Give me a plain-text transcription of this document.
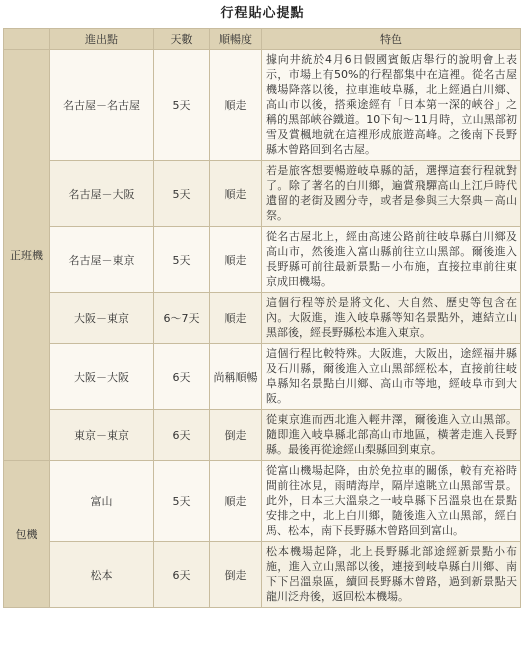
行程貼心提點
	進出點	天數	順暢度	特色
正班機	名古屋－名古屋	5天	順走	據向井統於4月6日假國賓飯店舉行的說明會上表示，市場上有50%的行程都集中在這裡。從名古屋機場降落以後，拉車進岐阜縣，北上經過白川鄉、高山市以後，搭乘途經有「日本第一深的峽谷」之稱的黑部峽谷鐵道。10下旬～11月時，立山黑部初雪及賞楓地就在這裡形成旅遊高峰。之後南下長野縣木曾路回到名古屋。
	名古屋－大阪	5天	順走	若是旅客想要暢遊岐阜縣的話，選擇這套行程就對了。除了著名的白川鄉，遍賞飛驒高山上江戶時代遺留的老街及國分寺，或者是參與三大祭典－高山祭。
	名古屋－東京	5天	順走	從名古屋北上，經由高速公路前往岐阜縣白川鄉及高山市，然後進入富山縣前往立山黑部。爾後進入長野縣可前往最新景點－小布施，直接拉車前往東京成田機場。
	大阪－東京	6～7天	順走	這個行程等於是將文化、大自然、歷史等包含在內。大阪進，進入岐阜縣等知名景點外，連結立山黑部後，經長野縣松本進入東京。
	大阪－大阪	6天	尚稱順暢	這個行程比較特殊。大阪進，大阪出，途經福井縣及石川縣，爾後進入立山黑部經松本，直接前往岐阜縣知名景點白川鄉、高山市等地，經岐阜市到大阪。
	東京－東京	6天	倒走	從東京進而西北進入輕井澤，爾後進入立山黑部。隨即進入岐阜縣北部高山市地區，橫著走進入長野縣。最後再從途經山梨縣回到東京。
包機	富山	5天	順走	從富山機場起降，由於免拉車的關係，較有充裕時間前往冰見，雨晴海岸，隔岸遠眺立山黑部雪景。此外，日本三大溫泉之一岐阜縣下呂溫泉也在景點安排之中，北上白川鄉，隨後進入立山黑部，經白馬、松本，南下長野縣木曾路回到富山。
	松本	6天	倒走	松本機場起降，北上長野縣北部途經新景點小布施，進入立山黑部以後，連接到岐阜縣白川鄉、南下下呂溫泉區，續回長野縣木曾路，過到新景點天龍川泛舟後，返回松本機場。
